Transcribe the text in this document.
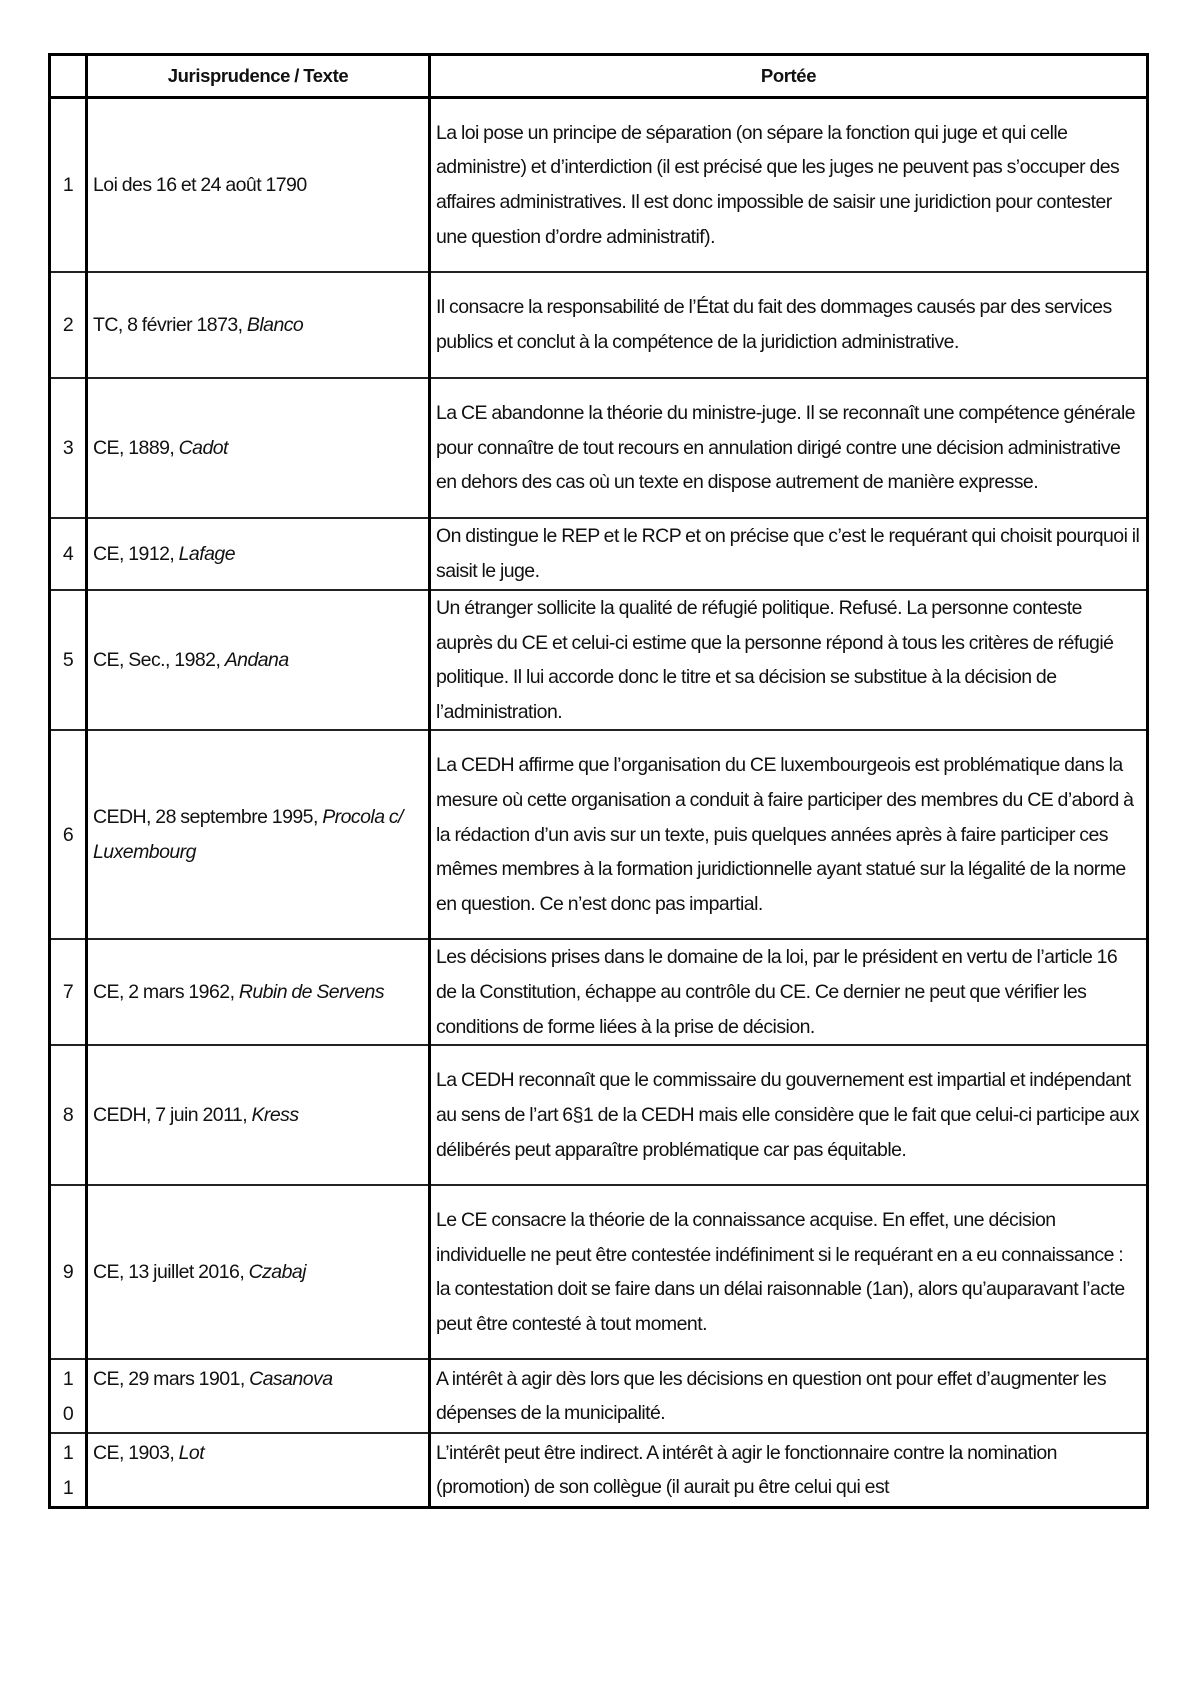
	Jurisprudence / Texte	Portée
1	Loi des 16 et 24 août 1790	La loi pose un principe de séparation (on sépare la fonction qui juge et qui celle administre) et d’interdiction (il est précisé que les juges ne peuvent pas s’occuper des affaires administratives. Il est donc impossible de saisir une juridiction pour contester une question d’ordre administratif).
2	TC, 8 février 1873, Blanco	Il consacre la responsabilité de l’État du fait des dommages causés par des services publics et conclut à la compétence de la juridiction administrative.
3	CE, 1889, Cadot	La CE abandonne la théorie du ministre-juge. Il se reconnaît une compétence générale pour connaître de tout recours en annulation dirigé contre une décision administrative en dehors des cas où un texte en dispose autrement de manière expresse.
4	CE, 1912, Lafage	On distingue le REP et le RCP et on précise que c’est le requérant qui choisit pourquoi il saisit le juge.
5	CE, Sec., 1982, Andana	Un étranger sollicite la qualité de réfugié politique. Refusé. La personne conteste auprès du CE et celui-ci estime que la personne répond à tous les critères de réfugié politique. Il lui accorde donc le titre et sa décision se substitue à la décision de l’administration.
6	CEDH, 28 septembre 1995, Procola c/ Luxembourg	La CEDH affirme que l’organisation du CE luxembourgeois est problématique dans la mesure où cette organisation a conduit à faire participer des membres du CE d’abord à la rédaction d’un avis sur un texte, puis quelques années après à faire participer ces mêmes membres à la formation juridictionnelle ayant statué sur la légalité de la norme en question. Ce n’est donc pas impartial.
7	CE, 2 mars 1962, Rubin de Servens	Les décisions prises dans le domaine de la loi, par le président en vertu de l’article 16 de la Constitution, échappe au contrôle du CE. Ce dernier ne peut que vérifier les conditions de forme liées à la prise de décision.
8	CEDH, 7 juin 2011, Kress	La CEDH reconnaît que le commissaire du gouvernement est impartial et indépendant au sens de l’art 6§1 de la CEDH mais elle considère que le fait que celui-ci participe aux délibérés peut apparaître problématique car pas équitable.
9	CE, 13 juillet 2016, Czabaj	Le CE consacre la théorie de la connaissance acquise. En effet, une décision individuelle ne peut être contestée indéfiniment si le requérant en a eu connaissance : la contestation doit se faire dans un délai raisonnable (1an), alors qu’auparavant l’acte peut être contesté à tout moment.
10	CE, 29 mars 1901, Casanova	A intérêt à agir dès lors que les décisions en question ont pour effet d’augmenter les dépenses de la municipalité.
11	CE, 1903, Lot	L’intérêt peut être indirect. A intérêt à agir le fonctionnaire contre la nomination (promotion) de son collègue (il aurait pu être celui qui est
